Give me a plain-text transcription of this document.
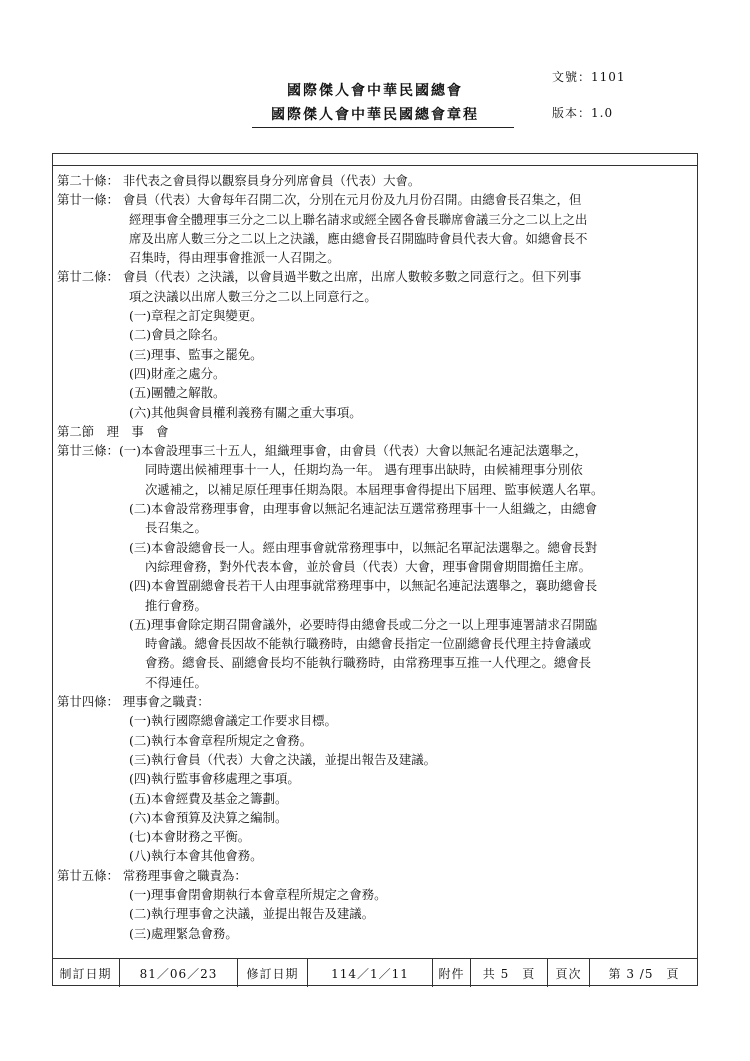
文號：1101
國際傑人會中華民國總會
國際傑人會中華民國總會章程	版本：1.0
第二十條： 非代表之會員得以觀察員身分列席會員（代表）大會。
第廿一條： 會員（代表）大會每年召開二次，分別在元月份及九月份召開。由總會長召集之，但
經理事會全體理事三分之二以上聯名請求或經全國各會長聯席會議三分之二以上之出
席及出席人數三分之二以上之決議，應由總會長召開臨時會員代表大會。如總會長不
召集時，得由理事會推派一人召開之。
第廿二條： 會員（代表）之決議，以會員過半數之出席，出席人數較多數之同意行之。但下列事
項之決議以出席人數三分之二以上同意行之。
(一)章程之訂定與變更。
(二)會員之除名。
(三)理事、監事之罷免。
(四)財產之處分。
(五)團體之解散。
(六)其他與會員權利義務有關之重大事項。
第二節　理　事　會
第廿三條：(一)本會設理事三十五人，組織理事會，由會員（代表）大會以無記名連記法選舉之，
同時選出候補理事十一人，任期均為一年。 遇有理事出缺時，由候補理事分別依
次遞補之，以補足原任理事任期為限。本屆理事會得提出下屆理、監事候選人名單。
(二)本會設常務理事會，由理事會以無記名連記法互選常務理事十一人組織之，由總會
長召集之。
(三)本會設總會長一人。經由理事會就常務理事中，以無記名單記法選舉之。總會長對
內綜理會務，對外代表本會，並於會員（代表）大會，理事會開會期間擔任主席。
(四)本會置副總會長若干人由理事就常務理事中，以無記名連記法選舉之，襄助總會長
推行會務。
(五)理事會除定期召開會議外，必要時得由總會長或二分之一以上理事連署請求召開臨
時會議。總會長因故不能執行職務時，由總會長指定一位副總會長代理主持會議或
會務。總會長、副總會長均不能執行職務時，由常務理事互推一人代理之。總會長
不得連任。
第廿四條： 理事會之職責：
(一)執行國際總會議定工作要求目標。
(二)執行本會章程所規定之會務。
(三)執行會員（代表）大會之決議，並提出報告及建議。
(四)執行監事會移處理之事項。
(五)本會經費及基金之籌劃。
(六)本會預算及決算之編制。
(七)本會財務之平衡。
(八)執行本會其他會務。
第廿五條： 常務理事會之職責為：
(一)理事會閉會期執行本會章程所規定之會務。
(二)執行理事會之決議，並提出報告及建議。
(三)處理緊急會務。
制訂日期	81／06／23	修訂日期	114／1／11	附件	共 5　頁	頁次	第 3 /5　頁
